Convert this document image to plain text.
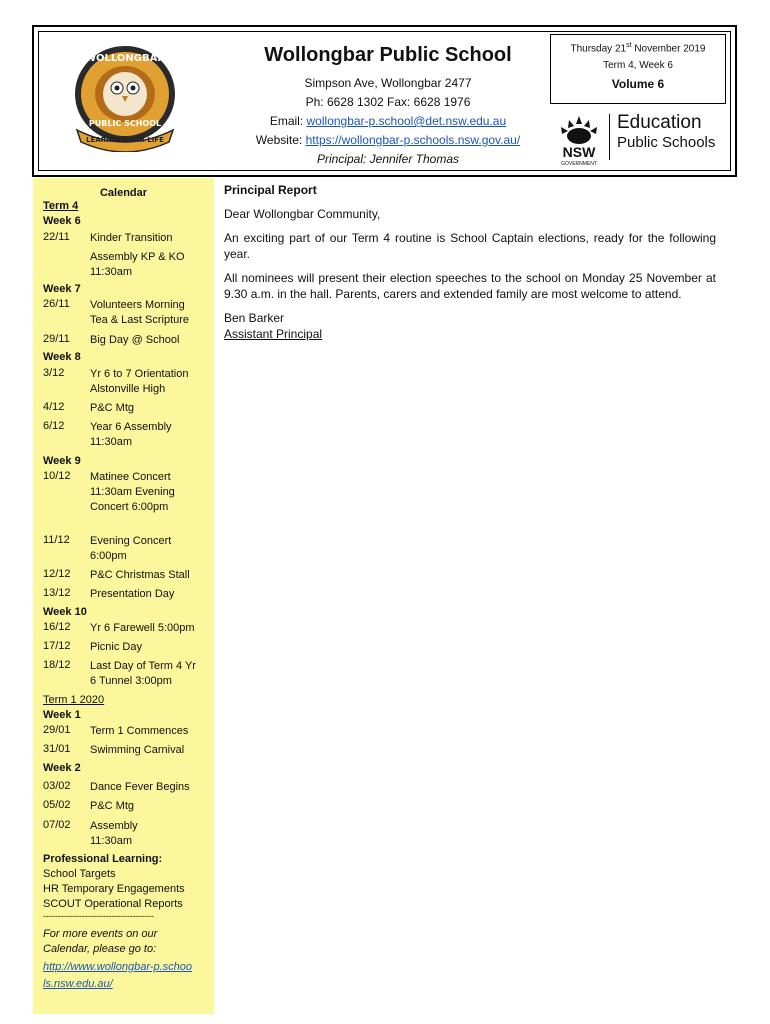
WOLLONGBAR
PUBLIC SCHOOL
LEARNING FOR LIFE
Wollongbar Public School
Simpson Ave, Wollongbar 2477
Ph: 6628 1302 Fax: 6628 1976
Email: wollongbar-p.school@det.nsw.edu.au
Website: https://wollongbar-p.schools.nsw.gov.au/
Principal: Jennifer Thomas
Thursday 21st November 2019
Term 4, Week 6
Volume 6
NSW
GOVERNMENT
Education
Public Schools
Calendar
Term 4
Week 6
22/11 Kinder Transition
Assembly KP & KO 11:30am
Week 7
26/11 Volunteers Morning Tea & Last Scripture
29/11 Big Day @ School
Week 8
3/12 Yr 6 to 7 Orientation Alstonville High
4/12 P&C Mtg
6/12 Year 6 Assembly 11:30am
Week 9
10/12 Matinee Concert 11:30am Evening Concert 6:00pm
11/12 Evening Concert 6:00pm
12/12 P&C Christmas Stall
13/12 Presentation Day
Week 10
16/12 Yr 6 Farewell 5:00pm
17/12 Picnic Day
18/12 Last Day of Term 4 Yr 6 Tunnel 3:00pm
Term 1 2020
Week 1
29/01 Term 1 Commences
31/01 Swimming Carnival
Week 2
03/02 Dance Fever Begins
05/02 P&C Mtg
07/02 Assembly 11:30am
Professional Learning:
School Targets
HR Temporary Engagements
SCOUT Operational Reports
-------------------------------------
For more events on our Calendar, please go to:
http://www.wollongbar-p.schools.nsw.edu.au/

Principal Report

Dear Wollongbar Community,

An exciting part of our Term 4 routine is School Captain elections, ready for the following year.

All nominees will present their election speeches to the school on Monday 25 November at 9.30 a.m. in the hall. Parents, carers and extended family are most welcome to attend.

Ben Barker

Assistant Principal
